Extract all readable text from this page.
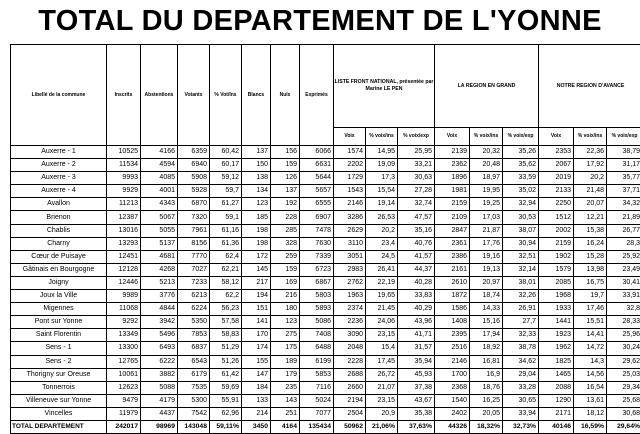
TOTAL DU DEPARTEMENT DE L'YONNE
Libellé de la commune	Inscrits	Abstentions	Votants	% Vot/Ins	Blancs	Nuls	Exprimés	LISTE FRONT NATIONAL, présentée par Marine LE PEN			LA REGION EN GRAND			NOTRE REGION D'AVANCE		
								Voix	% voix/ins	% voix/exp	Voix	% voix/ins	% voix/exp	Voix	% voix/ins	% voix/exp
Auxerre - 1	10525	4166	6359	60,42	137	156	6066	1574	14,95	25,95	2139	20,32	35,26	2353	22,36	38,79
Auxerre - 2	11534	4594	6940	60,17	150	159	6631	2202	19,09	33,21	2362	20,48	35,62	2067	17,92	31,17
Auxerre - 3	9993	4085	5908	59,12	138	126	5644	1729	17,3	30,63	1896	18,97	33,59	2019	20,2	35,77
Auxerre - 4	9929	4001	5928	59,7	134	137	5657	1543	15,54	27,28	1981	19,95	35,02	2133	21,48	37,71
Avallon	11213	4343	6870	61,27	123	192	6555	2146	19,14	32,74	2159	19,25	32,94	2250	20,07	34,32
Brienon	12387	5067	7320	59,1	185	228	6907	3286	26,53	47,57	2109	17,03	30,53	1512	12,21	21,89
Chablis	13016	5055	7961	61,16	198	285	7478	2629	20,2	35,16	2847	21,87	38,07	2002	15,38	26,77
Charny	13293	5137	8156	61,36	198	328	7630	3110	23,4	40,76	2361	17,76	30,94	2159	16,24	28,3
Cœur de Puisaye	12451	4681	7770	62,4	172	259	7339	3051	24,5	41,57	2386	19,16	32,51	1902	15,28	25,92
Gâtinais en Bourgogne	12128	4268	7027	62,21	145	159	6723	2983	26,41	44,37	2161	19,13	32,14	1579	13,98	23,49
Joigny	12446	5213	7233	58,12	217	169	6867	2762	22,19	40,28	2610	20,97	38,01	2085	16,75	30,41
Joux la Ville	9989	3776	6213	62,2	194	216	5803	1963	19,65	33,83	1872	18,74	32,26	1968	19,7	33,91
Migennes	11068	4844	6224	56,23	151	180	5893	2374	21,45	40,29	1586	14,33	26,91	1933	17,46	32,8
Pont sur Yonne	9292	3942	5350	57,58	141	123	5086	2236	24,06	43,96	1408	15,16	27,7	1441	15,51	28,33
Saint Florentin	13349	5496	7853	58,83	170	275	7408	3090	23,15	41,71	2395	17,94	32,33	1923	14,41	25,96
Sens - 1	13300	6493	6837	51,29	174	175	6488	2048	15,4	31,57	2516	18,92	38,78	1962	14,72	30,24
Sens - 2	12765	6222	6543	51,26	155	189	6199	2228	17,45	35,94	2146	16,81	34,62	1825	14,3	29,62
Thorigny sur Oreuse	10061	3882	6179	61,42	147	179	5853	2688	26,72	45,93	1700	16,9	29,04	1465	14,56	25,03
Tonnerrois	12623	5088	7535	59,69	184	235	7116	2660	21,07	37,38	2368	18,76	33,28	2088	16,54	29,34
Villeneuve sur Yonne	9479	4179	5300	55,91	133	143	5024	2194	23,15	43,67	1540	16,25	30,65	1290	13,61	25,68
Vincelles	11979	4437	7542	62,96	214	251	7077	2504	20,9	35,38	2402	20,05	33,94	2171	18,12	30,68
TOTAL DEPARTEMENT	242017	98969	143048	59,11%	3450	4164	135434	50962	21,06%	37,63%	44326	18,32%	32,73%	40146	16,59%	29,64%
